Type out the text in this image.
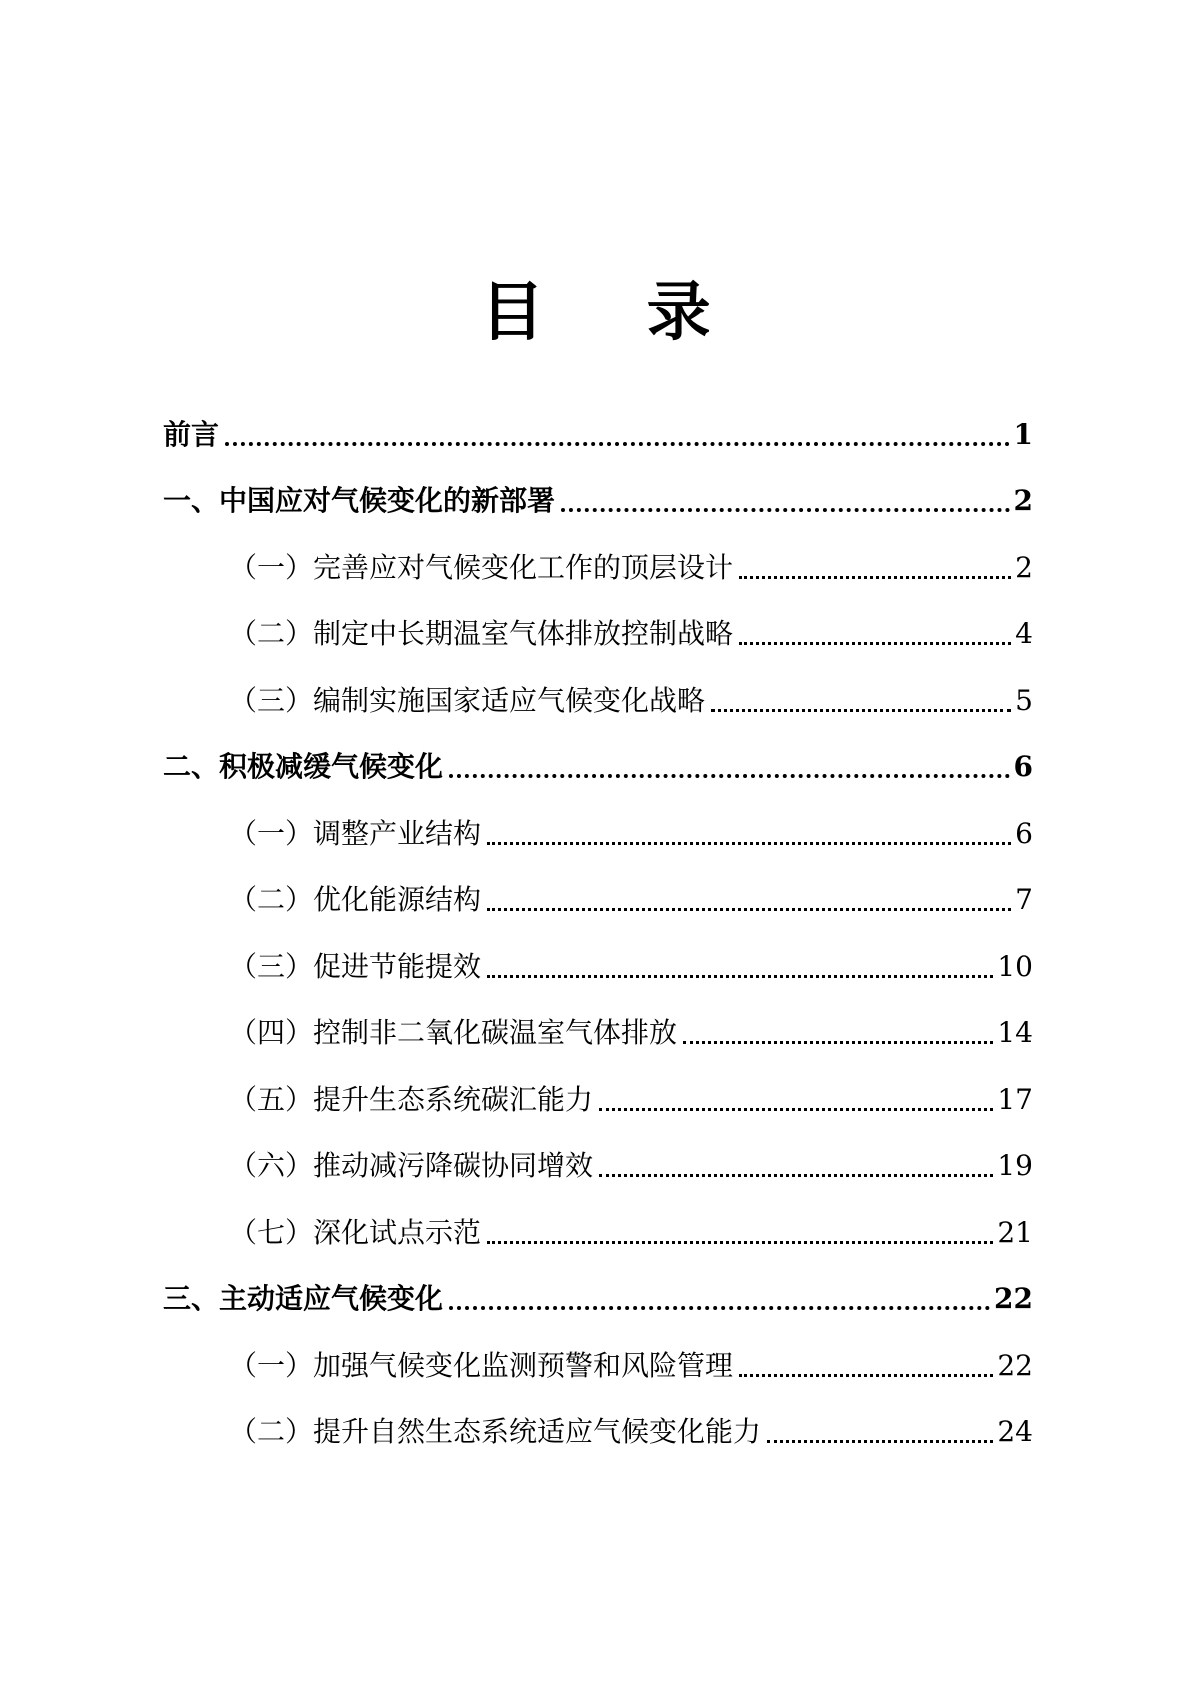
目 录
前言	1
一、中国应对气候变化的新部署	2
（一）完善应对气候变化工作的顶层设计	2
（二）制定中长期温室气体排放控制战略	4
（三）编制实施国家适应气候变化战略	5
二、积极减缓气候变化	6
（一）调整产业结构	6
（二）优化能源结构	7
（三）促进节能提效	10
（四）控制非二氧化碳温室气体排放	14
（五）提升生态系统碳汇能力	17
（六）推动减污降碳协同增效	19
（七）深化试点示范	21
三、主动适应气候变化	22
（一）加强气候变化监测预警和风险管理	22
（二）提升自然生态系统适应气候变化能力	24
